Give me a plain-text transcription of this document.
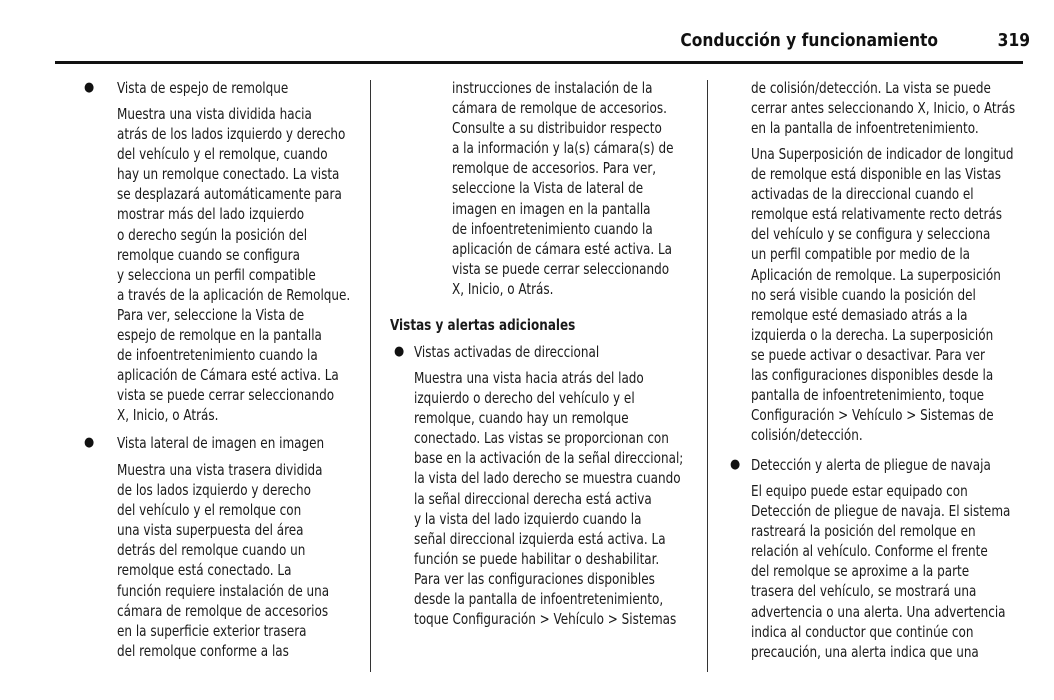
Conducción y funcionamiento	319
●
●
Vista de espejo de remolque
Muestra una vista dividida hacia
atrás de los lados izquierdo y derecho
del vehículo y el remolque, cuando
hay un remolque conectado. La vista
se desplazará automáticamente para
mostrar más del lado izquierdo
o derecho según la posición del
remolque cuando se configura
y selecciona un perfil compatible
a través de la aplicación de Remolque.
Para ver, seleccione la Vista de
espejo de remolque en la pantalla
de infoentretenimiento cuando la
aplicación de Cámara esté activa. La
vista se puede cerrar seleccionando
X, Inicio, o Atrás.
Vista lateral de imagen en imagen
Muestra una vista trasera dividida
de los lados izquierdo y derecho
del vehículo y el remolque con
una vista superpuesta del área
detrás del remolque cuando un
remolque está conectado. La
función requiere instalación de una
cámara de remolque de accesorios
en la superficie exterior trasera
del remolque conforme a las
●
instrucciones de instalación de la
cámara de remolque de accesorios.
Consulte a su distribuidor respecto
a la información y la(s) cámara(s) de
remolque de accesorios. Para ver,
seleccione la Vista de lateral de
imagen en imagen en la pantalla
de infoentretenimiento cuando la
aplicación de cámara esté activa. La
vista se puede cerrar seleccionando
X, Inicio, o Atrás.
Vistas y alertas adicionales
Vistas activadas de direccional
Muestra una vista hacia atrás del lado
izquierdo o derecho del vehículo y el
remolque, cuando hay un remolque
conectado. Las vistas se proporcionan con
base en la activación de la señal direccional;
la vista del lado derecho se muestra cuando
la señal direccional derecha está activa
y la vista del lado izquierdo cuando la
señal direccional izquierda está activa. La
función se puede habilitar o deshabilitar.
Para ver las configuraciones disponibles
desde la pantalla de infoentretenimiento,
toque Configuración > Vehículo > Sistemas
●
de colisión/detección. La vista se puede
cerrar antes seleccionando X, Inicio, o Atrás
en la pantalla de infoentretenimiento.
Una Superposición de indicador de longitud
de remolque está disponible en las Vistas
activadas de la direccional cuando el
remolque está relativamente recto detrás
del vehículo y se configura y selecciona
un perfil compatible por medio de la
Aplicación de remolque. La superposición
no será visible cuando la posición del
remolque esté demasiado atrás a la
izquierda o la derecha. La superposición
se puede activar o desactivar. Para ver
las configuraciones disponibles desde la
pantalla de infoentretenimiento, toque
Configuración > Vehículo > Sistemas de
colisión/detección.
Detección y alerta de pliegue de navaja
El equipo puede estar equipado con
Detección de pliegue de navaja. El sistema
rastreará la posición del remolque en
relación al vehículo. Conforme el frente
del remolque se aproxime a la parte
trasera del vehículo, se mostrará una
advertencia o una alerta. Una advertencia
indica al conductor que continúe con
precaución, una alerta indica que una
